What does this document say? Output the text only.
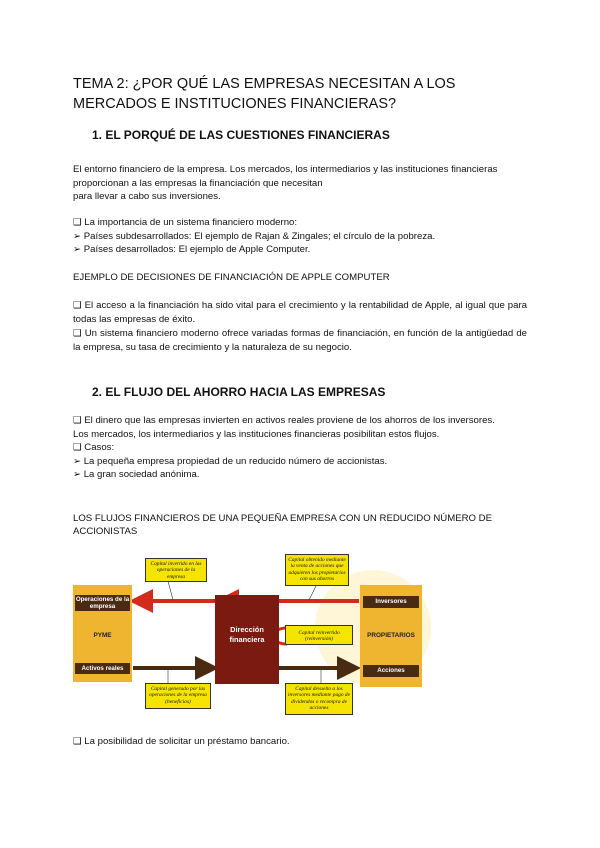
TEMA 2: ¿POR QUÉ LAS EMPRESAS NECESITAN A LOS MERCADOS E INSTITUCIONES FINANCIERAS?
1. EL PORQUÉ DE LAS CUESTIONES FINANCIERAS
El entorno financiero de la empresa. Los mercados, los intermediarios y las instituciones financieras
proporcionan a las empresas la financiación que necesitan
para llevar a cabo sus inversiones.
❑ La importancia de un sistema financiero moderno:
➢ Países subdesarrollados: El ejemplo de Rajan & Zingales; el círculo de la pobreza.
➢ Países desarrollados: El ejemplo de Apple Computer.
EJEMPLO DE DECISIONES DE FINANCIACIÓN DE APPLE COMPUTER
❑ El acceso a la financiación ha sido vital para el crecimiento y la rentabilidad de Apple, al igual que para todas las empresas de éxito.
❑ Un sistema financiero moderno ofrece variadas formas de financiación, en función de la antigüedad de la empresa, su tasa de crecimiento y la naturaleza de su negocio.
2. EL FLUJO DEL AHORRO HACIA LAS EMPRESAS
❑ El dinero que las empresas invierten en activos reales proviene de los ahorros de los inversores.
Los mercados, los intermediarios y las instituciones financieras posibilitan estos flujos.
❑ Casos:
➢ La pequeña empresa propiedad de un reducido número de accionistas.
➢ La gran sociedad anónima.
LOS FLUJOS FINANCIEROS DE UNA PEQUEÑA EMPRESA CON UN REDUCIDO NÚMERO DE ACCIONISTAS
Operaciones de la empresa
PYME
Activos reales
Dirección financiera
Inversores
PROPIETARIOS
Acciones
Capital invertido en las operaciones de la empresa
Capital obtenido mediante la venta de acciones que adquieren los propietarios con sus ahorros
Capital reinvertido (reinversión)
Capital generado por las operaciones de la empresa (beneficios)
Capital devuelto a los inversores mediante pago de dividendos o recompra de acciones
❑ La posibilidad de solicitar un préstamo bancario.
